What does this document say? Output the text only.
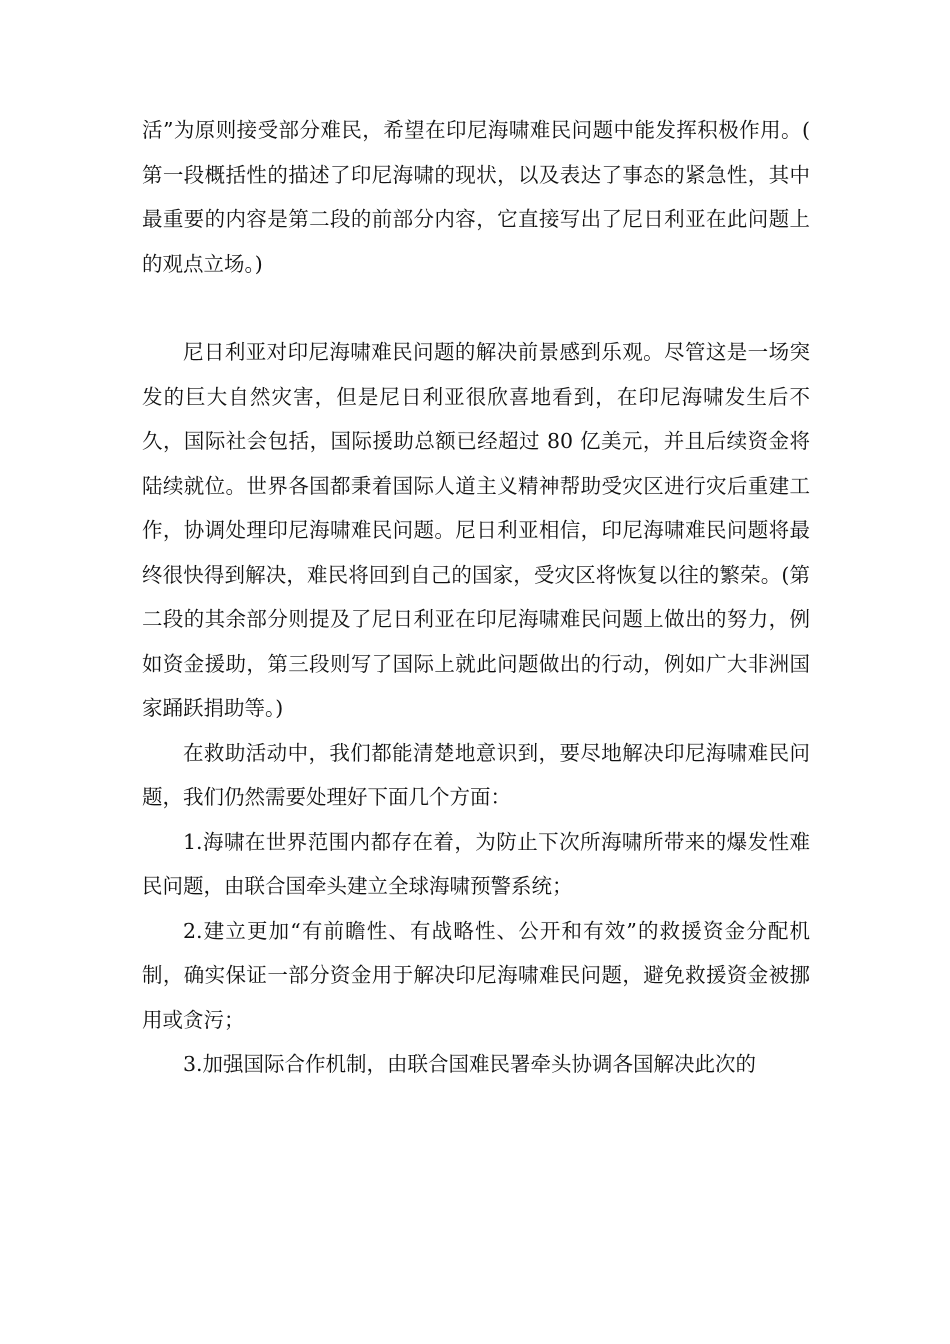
活”为原则接受部分难民，希望在印尼海啸难民问题中能发挥积极作用。( 第一段概括性的描述了印尼海啸的现状，以及表达了事态的紧急性，其中最重要的内容是第二段的前部分内容，它直接写出了尼日利亚在此问题上的观点立场。)

尼日利亚对印尼海啸难民问题的解决前景感到乐观。尽管这是一场突发的巨大自然灾害，但是尼日利亚很欣喜地看到，在印尼海啸发生后不久，国际社会包括，国际援助总额已经超过 80 亿美元，并且后续资金将陆续就位。世界各国都秉着国际人道主义精神帮助受灾区进行灾后重建工作，协调处理印尼海啸难民问题。尼日利亚相信，印尼海啸难民问题将最终很快得到解决，难民将回到自己的国家，受灾区将恢复以往的繁荣。(第二段的其余部分则提及了尼日利亚在印尼海啸难民问题上做出的努力，例如资金援助，第三段则写了国际上就此问题做出的行动，例如广大非洲国家踊跃捐助等。)

在救助活动中，我们都能清楚地意识到，要尽地解决印尼海啸难民问题，我们仍然需要处理好下面几个方面：

1.海啸在世界范围内都存在着，为防止下次所海啸所带来的爆发性难民问题，由联合国牵头建立全球海啸预警系统；

2.建立更加“有前瞻性、有战略性、公开和有效”的救援资金分配机制，确实保证一部分资金用于解决印尼海啸难民问题，避免救援资金被挪用或贪污；

3.加强国际合作机制，由联合国难民署牵头协调各国解决此次的
